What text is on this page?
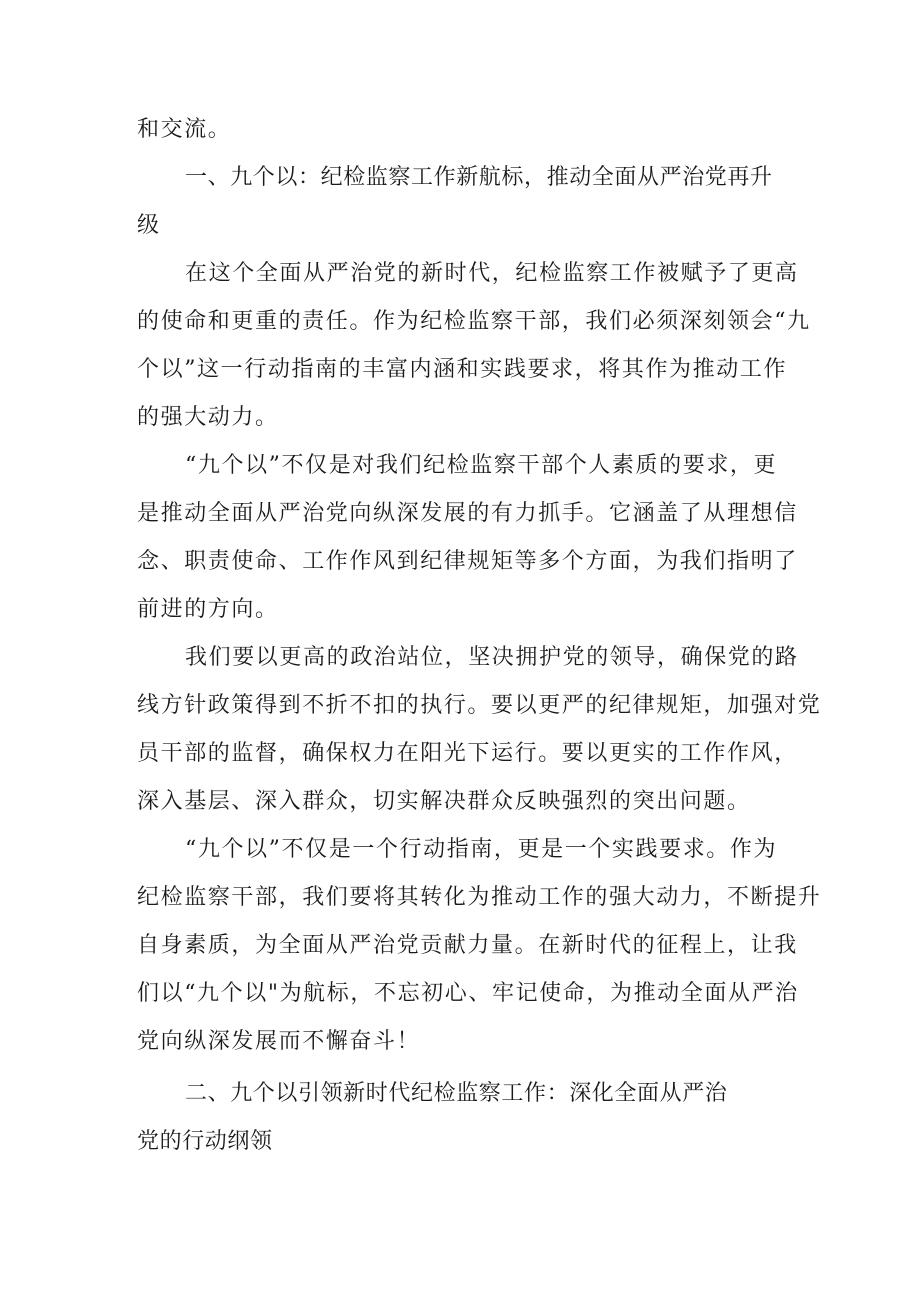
和交流。

一、九个以：纪检监察工作新航标，推动全面从严治党再升
级

在这个全面从严治党的新时代，纪检监察工作被赋予了更高
的使命和更重的责任。作为纪检监察干部，我们必须深刻领会“九
个以”这一行动指南的丰富内涵和实践要求，将其作为推动工作
的强大动力。

“九个以”不仅是对我们纪检监察干部个人素质的要求，更
是推动全面从严治党向纵深发展的有力抓手。它涵盖了从理想信
念、职责使命、工作作风到纪律规矩等多个方面，为我们指明了
前进的方向。

我们要以更高的政治站位，坚决拥护党的领导，确保党的路
线方针政策得到不折不扣的执行。要以更严的纪律规矩，加强对党
员干部的监督，确保权力在阳光下运行。要以更实的工作作风，
深入基层、深入群众，切实解决群众反映强烈的突出问题。

“九个以”不仅是一个行动指南，更是一个实践要求。作为
纪检监察干部，我们要将其转化为推动工作的强大动力，不断提升
自身素质，为全面从严治党贡献力量。在新时代的征程上，让我
们以“九个以"为航标，不忘初心、牢记使命，为推动全面从严治
党向纵深发展而不懈奋斗！

二、九个以引领新时代纪检监察工作：深化全面从严治
党的行动纲领
